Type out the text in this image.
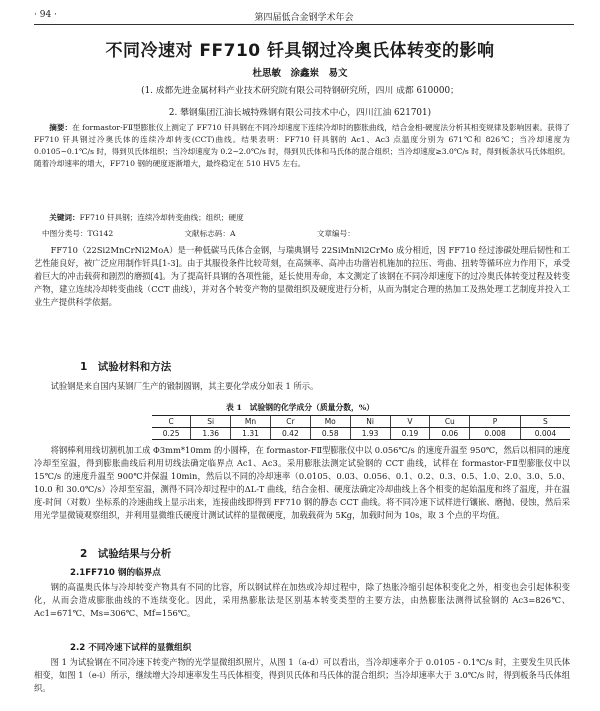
· 94 ·	第四届低合金钢学术年会
不同冷速对 FF710 钎具钢过冷奥氏体转变的影响
杜思敏　涂鑫岽　易文
(1. 成都先进金属材料产业技术研究院有限公司特钢研究所，四川 成都 610000；
2. 攀钢集团江油长城特殊钢有限公司技术中心，四川江油 621701)

摘要：在 formastor-FⅡ型膨胀仪上测定了 FF710 钎具钢在不同冷却速度下连续冷却时的膨胀曲线，结合金相-硬度法分析其相变规律及影响因素。获得了 FF710 钎具钢过冷奥氏体的连续冷却转变(CCT)曲线。结果表明：FF710 钎具钢的 Ac1、Ac3 点温度分别为 671℃和 826℃；当冷却速度为 0.0105~0.1℃/s 时，得到贝氏体组织；当冷却速度为 0.2~2.0℃/s 时，得到贝氏体和马氏体的混合组织；当冷却速度≥3.0℃/s 时，得到板条状马氏体组织。随着冷却速率的增大，FF710 钢的硬度逐渐增大，最终稳定在 510 HV5 左右。

关键词：FF710 钎具钢；连续冷却转变曲线；组织；硬度

中图分类号：TG142	文献标志码：A	文章编号：

FF710（22Si2MnCrNi2MoA）是一种低碳马氏体合金钢，与瑞典钢号 22SiMnNi2CrMo 成分相近，因 FF710 经过渗碳处理后韧性和工艺性能良好，被广泛应用制作钎具[1-3]。由于其服役条件比较苛刻，在高频率、高冲击功凿岩机施加的拉压、弯曲、扭转等循环应力作用下，承受着巨大的冲击载荷和剧烈的磨损[4]。为了提高钎具钢的各项性能，延长使用寿命，本文测定了该钢在不同冷却速度下的过冷奥氏体转变过程及转变产物，建立连续冷却转变曲线（CCT 曲线），并对各个转变产物的显微组织及硬度进行分析，从而为制定合理的热加工及热处理工艺制度并投入工业生产提供科学依据。

1　试验材料和方法

试验钢是来自国内某钢厂生产的锻制圆钢，其主要化学成分如表 1 所示。

表 1　试验钢的化学成分（质量分数，%）
C	Si	Mn	Cr	Mo	Ni	V	Cu	P	S
0.25	1.36	1.31	0.42	0.58	1.93	0.19	0.06	0.008	0.004

将钢棒利用线切割机加工成 Φ3mm*10mm 的小圆棒，在 formastor-FⅡ型膨胀仪中以 0.056℃/s 的速度升温至 950℃，然后以相同的速度冷却至室温，得到膨胀曲线后利用切线法确定临界点 Ac1、Ac3。采用膨胀法测定试验钢的 CCT 曲线，试样在 formastor-FⅡ型膨胀仪中以 15℃/s 的速度升温至 900℃并保温 10min，然后以不同的冷却速率（0.0105、0.03、0.056、0.1、0.2、0.3、0.5、1.0、2.0、3.0、5.0、10.0 和 30.0℃/s）冷却至室温，测得不同冷却过程中的ΔL-T 曲线，结合金相、硬度法确定冷却曲线上各个相变的起始温度和终了温度，并在温度-时间（对数）坐标系的冷速曲线上显示出来，连接曲线即得到 FF710 钢的静态 CCT 曲线。将不同冷速下试样进行镶嵌、磨抛、侵蚀，然后采用光学显微镜观察组织，并利用显微维氏硬度计测试试样的显微硬度，加载载荷为 5Kg，加载时间为 10s，取 3 个点的平均值。

2　试验结果与分析
2.1FF710 钢的临界点

钢的高温奥氏体与冷却转变产物具有不同的比容，所以钢试样在加热或冷却过程中，除了热胀冷缩引起体积变化之外，相变也会引起体积变化，从而会造成膨胀曲线的不连续变化。因此，采用热膨胀法是区别基本转变类型的主要方法，由热膨胀法测得试验钢的 Ac3=826℃、Ac1=671℃、Ms=306℃、Mf=156℃。

2.2 不同冷速下试样的显微组织

图 1 为试验钢在不同冷速下转变产物的光学显微组织照片，从图 1（a-d）可以看出，当冷却速率介于 0.0105 - 0.1℃/s 时，主要发生贝氏体相变，如图 1（e-i）所示，继续增大冷却速率发生马氏体相变，得到贝氏体和马氏体的混合组织；当冷却速率大于 3.0℃/s 时，得到板条马氏体组织。
